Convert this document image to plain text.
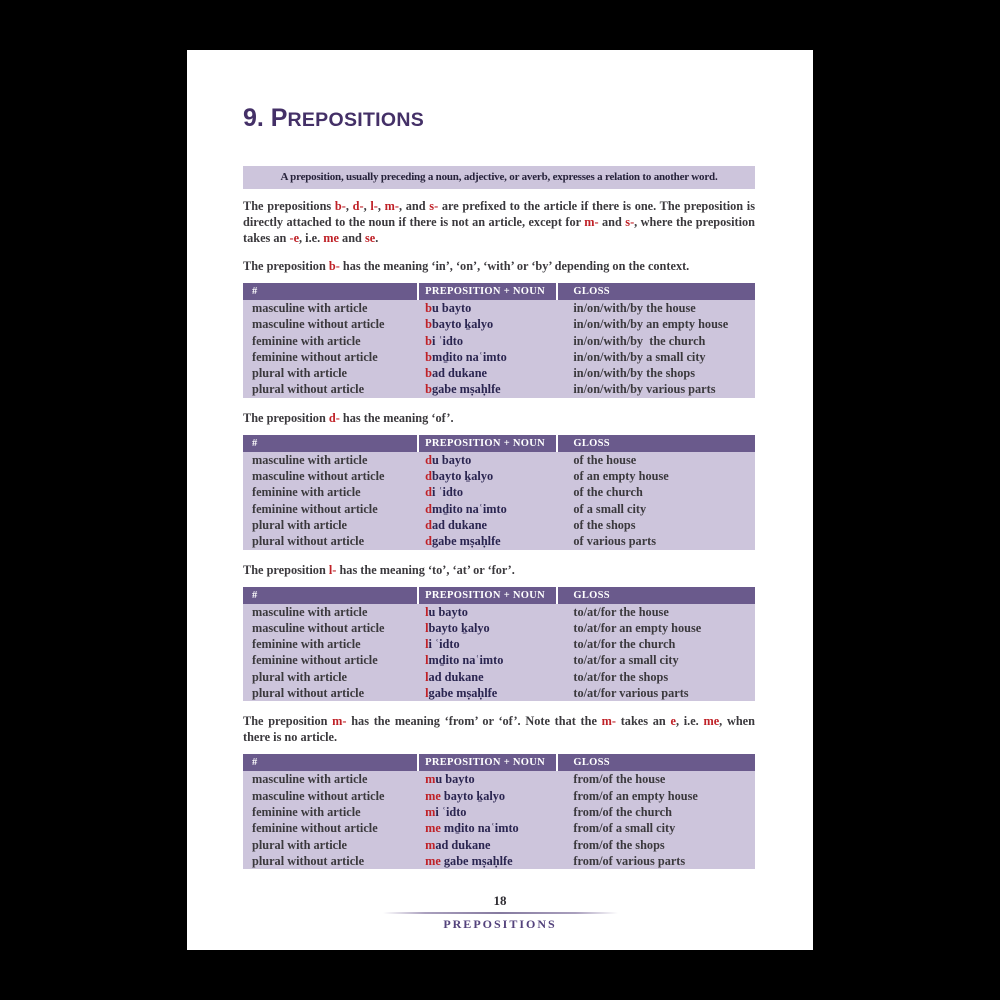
9. PREPOSITIONS
A preposition, usually preceding a noun, adjective, or averb, expresses a relation to another word.

The prepositions b-, d-, l-, m-, and s- are prefixed to the article if there is one. The preposition is directly attached to the noun if there is not an article, except for m- and s-, where the preposition takes an -e, i.e. me and se.

The preposition b- has the meaning ‘in’, ‘on’, ‘with’ or ‘by’ depending on the context.

#	PREPOSITION + NOUN	GLOSS
masculine with article	bu bayto	in/on/with/by the house
masculine without article	bbayto ḵalyo	in/on/with/by an empty house
feminine with article	bi ʿidto	in/on/with/by  the church
feminine without article	bmḏito naʿimto	in/on/with/by a small city
plural with article	bad dukane	in/on/with/by the shops
plural without article	bgabe mṣaḥlfe	in/on/with/by various parts

The preposition d- has the meaning ‘of’.

#	PREPOSITION + NOUN	GLOSS
masculine with article	du bayto	of the house
masculine without article	dbayto ḵalyo	of an empty house
feminine with article	di ʿidto	of the church
feminine without article	dmḏito naʿimto	of a small city
plural with article	dad dukane	of the shops
plural without article	dgabe mṣaḥlfe	of various parts

The preposition l- has the meaning ‘to’, ‘at’ or ‘for’.

#	PREPOSITION + NOUN	GLOSS
masculine with article	lu bayto	to/at/for the house
masculine without article	lbayto ḵalyo	to/at/for an empty house
feminine with article	li ʿidto	to/at/for the church
feminine without article	lmḏito naʿimto	to/at/for a small city
plural with article	lad dukane	to/at/for the shops
plural without article	lgabe mṣaḥlfe	to/at/for various parts

The preposition m- has the meaning ‘from’ or ‘of’. Note that the m- takes an e, i.e. me, when there is no article.

#	PREPOSITION + NOUN	GLOSS
masculine with article	mu bayto	from/of the house
masculine without article	me bayto ḵalyo	from/of an empty house
feminine with article	mi ʿidto	from/of the church
feminine without article	me mḏito naʿimto	from/of a small city
plural with article	mad dukane	from/of the shops
plural without article	me gabe mṣaḥlfe	from/of various parts
18
PREPOSITIONS
